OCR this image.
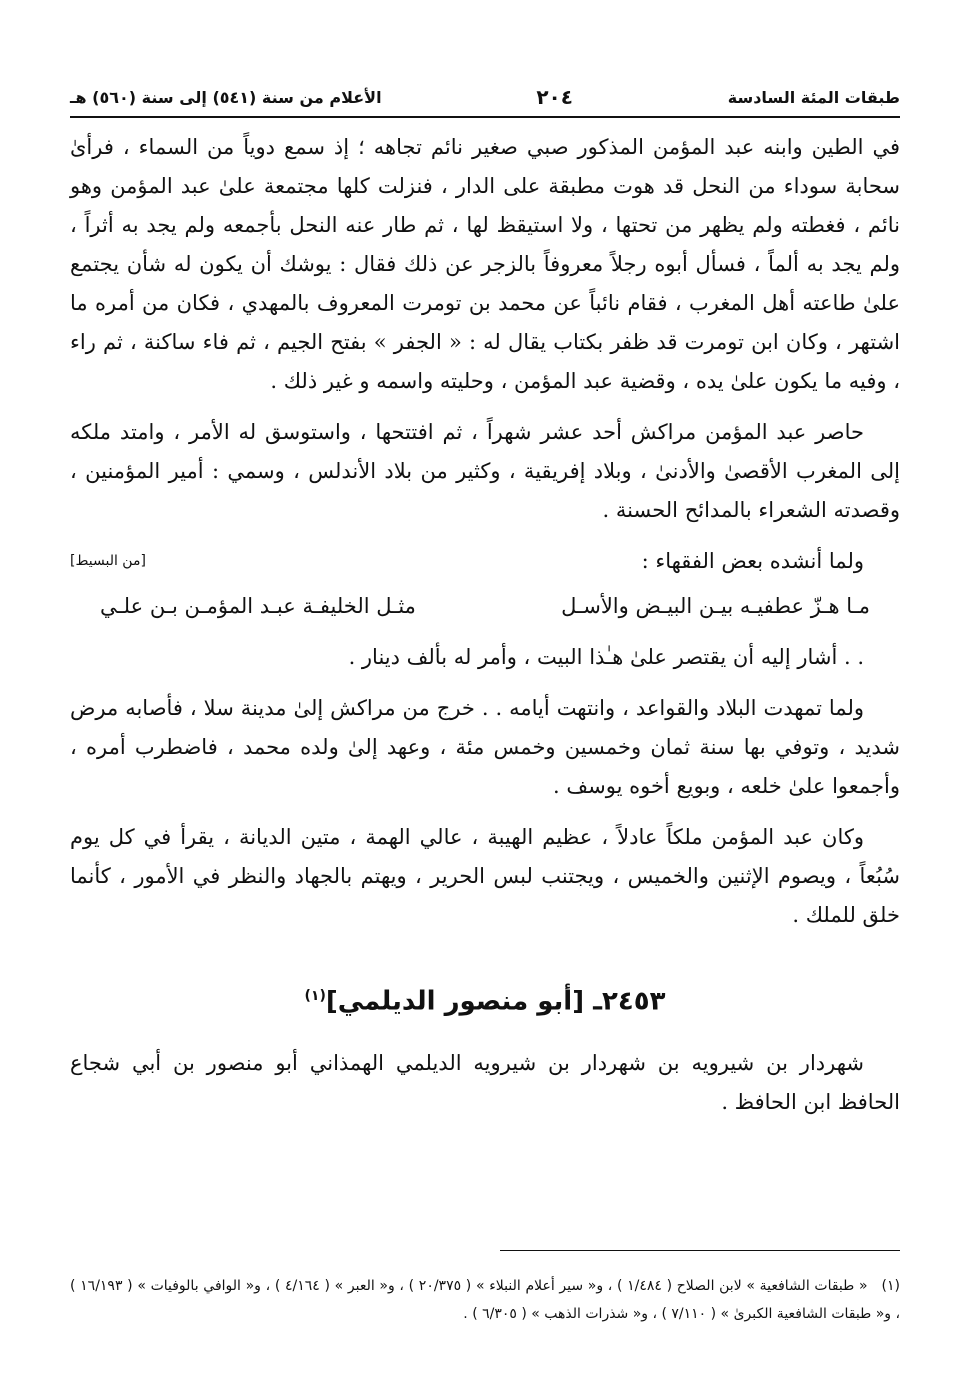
طبقات المئة السادسة
٢٠٤
الأعلام من سنة (٥٤١) إلى سنة (٥٦٠) هـ

في الطين وابنه عبد المؤمن المذكور صبي صغير نائم تجاهه ؛ إذ سمع دوياً من السماء ، فرأىٰ سحابة سوداء من النحل قد هوت مطبقة على الدار ، فنزلت كلها مجتمعة علىٰ عبد المؤمن وهو نائم ، فغطته ولم يظهر من تحتها ، ولا استيقظ لها ، ثم طار عنه النحل بأجمعه ولم يجد به أثراً ، ولم يجد به ألماً ، فسأل أبوه رجلاً معروفاً بالزجر عن ذلك فقال : يوشك أن يكون له شأن يجتمع علىٰ طاعته أهل المغرب ، فقام نائباً عن محمد بن تومرت المعروف بالمهدي ، فكان من أمره ما اشتهر ، وكان ابن تومرت قد ظفر بكتاب يقال له : « الجفر » بفتح الجيم ، ثم فاء ساكنة ، ثم راء ، وفيه ما يكون علىٰ يده ، وقضية عبد المؤمن ، وحليته واسمه و غير ذلك .

حاصر عبد المؤمن مراكش أحد عشر شهراً ، ثم افتتحها ، واستوسق له الأمر ، وامتد ملكه إلى المغرب الأقصىٰ والأدنىٰ ، وبلاد إفريقية ، وكثير من بلاد الأندلس ، وسمي : أمير المؤمنين ، وقصدته الشعراء بالمدائح الحسنة .

ولما أنشده بعض الفقهاء :
[من البسيط]
مـا هـزّ عطفيـه بيـن البيـض والأسـل
مثـل الخليفـة عبـد المؤمـن بـن علـي

. . أشار إليه أن يقتصر علىٰ هـٰذا البيت ، وأمر له بألف دينار .

ولما تمهدت البلاد والقواعد ، وانتهت أيامه . . خرج من مراكش إلىٰ مدينة سلا ، فأصابه مرض شديد ، وتوفي بها سنة ثمان وخمسين وخمس مئة ، وعهد إلىٰ ولده محمد ، فاضطرب أمره ، وأجمعوا علىٰ خلعه ، وبويع أخوه يوسف .

وكان عبد المؤمن ملكاً عادلاً ، عظيم الهيبة ، عالي الهمة ، متين الديانة ، يقرأ في كل يوم سُبُعاً ، ويصوم الإثنين والخميس ، ويجتنب لبس الحرير ، ويهتم بالجهاد والنظر في الأمور ، كأنما خلق للملك .

٢٤٥٣ـ [أبو منصور الديلمي]$^{(١)}$

شهردار بن شيرويه بن شهردار بن شيرويه الديلمي الهمذاني أبو منصور بن أبي شجاع الحافظ ابن الحافظ .

(١)« طبقات الشافعية » لابن الصلاح ( ١/٤٨٤ ) ، و« سير أعلام النبلاء » ( ٢٠/٣٧٥ ) ، و« العبر » ( ٤/١٦٤ ) ، و« الوافي بالوفيات » ( ١٦/١٩٣ ) ، و« طبقات الشافعية الكبرىٰ » ( ٧/١١٠ ) ، و« شذرات الذهب » ( ٦/٣٠٥ ) .
